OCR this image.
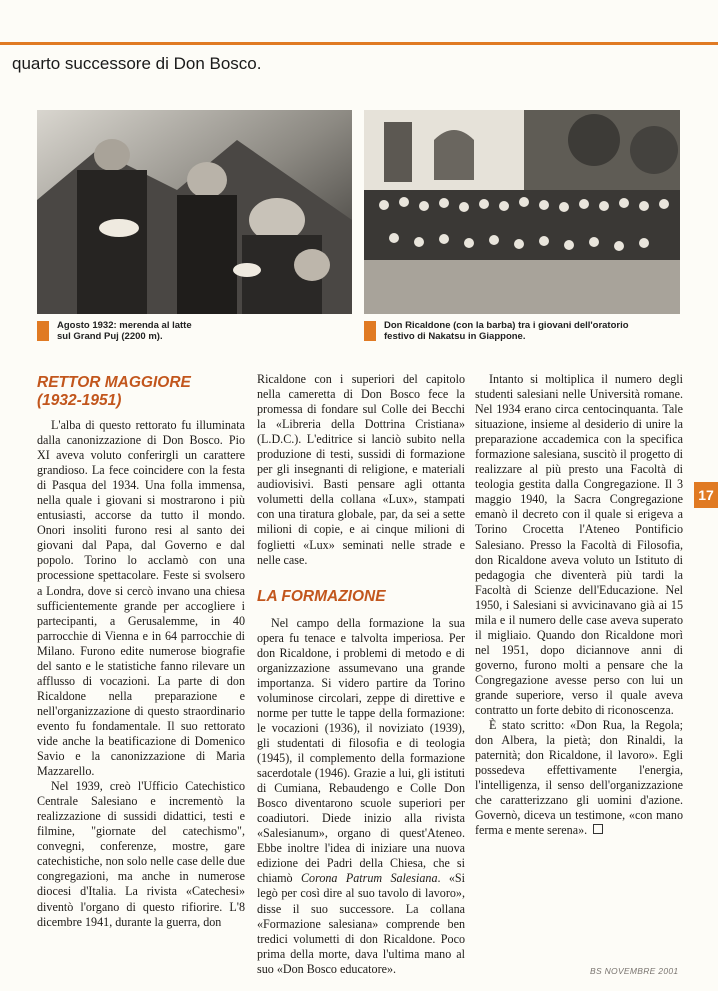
quarto successore di Don Bosco.
Agosto 1932: merenda al latte
sul Grand Puj (2200 m).
Don Ricaldone (con la barba) tra i giovani dell'oratorio
festivo di Nakatsu in Giappone.
RETTOR MAGGIORE
(1932-1951)

L'alba di questo rettorato fu illuminata dalla canonizzazione di Don Bosco. Pio XI aveva voluto conferirgli un carattere grandioso. La fece coincidere con la festa di Pasqua del 1934. Una folla immensa, nella quale i giovani si mostrarono i più entusiasti, accorse da tutto il mondo. Onori insoliti furono resi al santo dei giovani dal Papa, dal Governo e dal popolo. Torino lo acclamò con una processione spettacolare. Feste si svolsero a Londra, dove si cercò invano una chiesa sufficientemente grande per accogliere i partecipanti, a Gerusalemme, in 40 parrocchie di Vienna e in 64 parrocchie di Milano. Furono edite numerose biografie del santo e le statistiche fanno rilevare un afflusso di vocazioni. La parte di don Ricaldone nella preparazione e nell'organizzazione di questo straordinario evento fu fondamentale. Il suo rettorato vide anche la beatificazione di Domenico Savio e la canonizzazione di Maria Mazzarello.

Nel 1939, creò l'Ufficio Catechistico Centrale Salesiano e incrementò la realizzazione di sussidi didattici, testi e filmine, "giornate del catechismo", convegni, conferenze, mostre, gare catechistiche, non solo nelle case delle due congregazioni, ma anche in numerose diocesi d'Italia. La rivista «Catechesi» diventò l'organo di questo rifiorire. L'8 dicembre 1941, durante la guerra, don

Ricaldone con i superiori del capitolo nella cameretta di Don Bosco fece la promessa di fondare sul Colle dei Becchi la «Libreria della Dottrina Cristiana» (L.D.C.). L'editrice si lanciò subito nella produzione di testi, sussidi di formazione per gli insegnanti di religione, e materiali audiovisivi. Basti pensare agli ottanta volumetti della collana «Lux», stampati con una tiratura globale, par, da sei a sette milioni di copie, e ai cinque milioni di foglietti «Lux» seminati nelle strade e nelle case.

LA FORMAZIONE

Nel campo della formazione la sua opera fu tenace e talvolta imperiosa. Per don Ricaldone, i problemi di metodo e di organizzazione assumevano una grande importanza. Si videro partire da Torino voluminose circolari, zeppe di direttive e norme per tutte le tappe della formazione: le vocazioni (1936), il noviziato (1939), gli studentati di filosofia e di teologia (1945), il complemento della formazione sacerdotale (1946). Grazie a lui, gli istituti di Cumiana, Rebaudengo e Colle Don Bosco diventarono scuole superiori per coadiutori. Diede inizio alla rivista «Salesianum», organo di quest'Ateneo. Ebbe inoltre l'idea di iniziare una nuova edizione dei Padri della Chiesa, che si chiamò Corona Patrum Salesiana. «Si legò per così dire al suo tavolo di lavoro», disse il suo successore. La collana «Formazione salesiana» comprende ben tredici volumetti di don Ricaldone. Poco prima della morte, dava l'ultima mano al suo «Don Bosco educatore».

Intanto si moltiplica il numero degli studenti salesiani nelle Università romane. Nel 1934 erano circa centocinquanta. Tale situazione, insieme al desiderio di unire la preparazione accademica con la specifica formazione salesiana, suscitò il progetto di realizzare al più presto una Facoltà di teologia gestita dalla Congregazione. Il 3 maggio 1940, la Sacra Congregazione emanò il decreto con il quale si erigeva a Torino Crocetta l'Ateneo Pontificio Salesiano. Presso la Facoltà di Filosofia, don Ricaldone aveva voluto un Istituto di pedagogia che diventerà più tardi la Facoltà di Scienze dell'Educazione. Nel 1950, i Salesiani si avvicinavano già ai 15 mila e il numero delle case aveva superato il migliaio. Quando don Ricaldone morì nel 1951, dopo diciannove anni di governo, furono molti a pensare che la Congregazione avesse perso con lui un grande superiore, verso il quale aveva contratto un forte debito di riconoscenza.

È stato scritto: «Don Rua, la Regola; don Albera, la pietà; don Rinaldi, la paternità; don Ricaldone, il lavoro». Egli possedeva effettivamente l'energia, l'intelligenza, il senso dell'organizzazione che caratterizzano gli uomini d'azione. Governò, diceva un testimone, «con mano ferma e mente serena».

17
BS NOVEMBRE 2001
